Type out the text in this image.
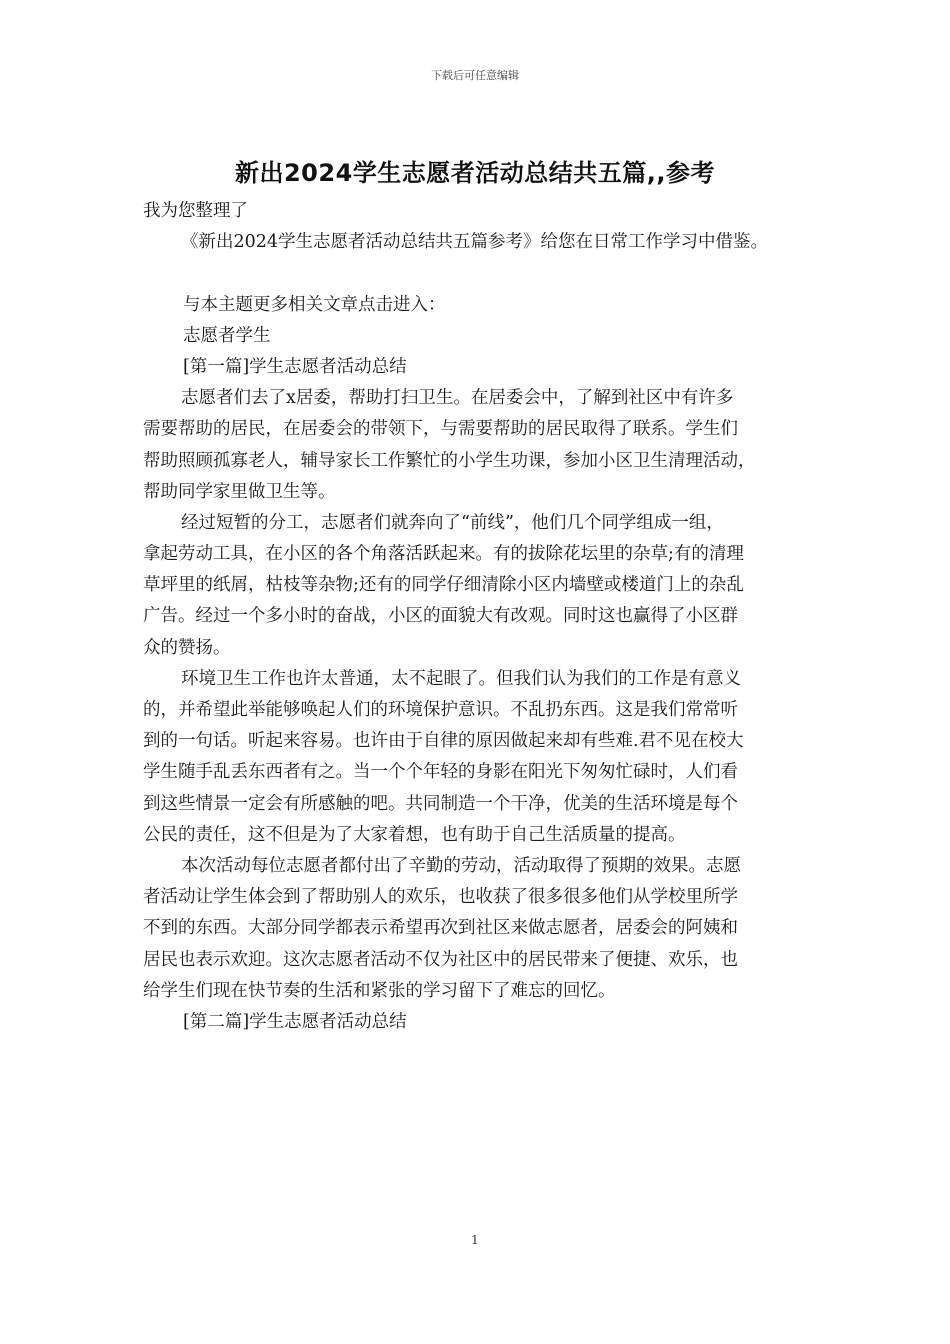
下载后可任意编辑
新出2024学生志愿者活动总结共五篇,,参考
我为您整理了
《新出2024学生志愿者活动总结共五篇参考》给您在日常工作学习中借鉴。
与本主题更多相关文章点击进入：
志愿者学生
[第一篇]学生志愿者活动总结
志愿者们去了x居委，帮助打扫卫生。在居委会中，了解到社区中有许多
需要帮助的居民，在居委会的带领下，与需要帮助的居民取得了联系。学生们
帮助照顾孤寡老人，辅导家长工作繁忙的小学生功课，参加小区卫生清理活动，
帮助同学家里做卫生等。
经过短暂的分工，志愿者们就奔向了“前线”，他们几个同学组成一组，
拿起劳动工具，在小区的各个角落活跃起来。有的拔除花坛里的杂草;有的清理
草坪里的纸屑，枯枝等杂物;还有的同学仔细清除小区内墙壁或楼道门上的杂乱
广告。经过一个多小时的奋战，小区的面貌大有改观。同时这也赢得了小区群
众的赞扬。
环境卫生工作也许太普通，太不起眼了。但我们认为我们的工作是有意义
的，并希望此举能够唤起人们的环境保护意识。不乱扔东西。这是我们常常听
到的一句话。听起来容易。也许由于自律的原因做起来却有些难.君不见在校大
学生随手乱丢东西者有之。当一个个年轻的身影在阳光下匆匆忙碌时，人们看
到这些情景一定会有所感触的吧。共同制造一个干净，优美的生活环境是每个
公民的责任，这不但是为了大家着想，也有助于自己生活质量的提高。
本次活动每位志愿者都付出了辛勤的劳动，活动取得了预期的效果。志愿
者活动让学生体会到了帮助别人的欢乐，也收获了很多很多他们从学校里所学
不到的东西。大部分同学都表示希望再次到社区来做志愿者，居委会的阿姨和
居民也表示欢迎。这次志愿者活动不仅为社区中的居民带来了便捷、欢乐，也
给学生们现在快节奏的生活和紧张的学习留下了难忘的回忆。
[第二篇]学生志愿者活动总结
1
